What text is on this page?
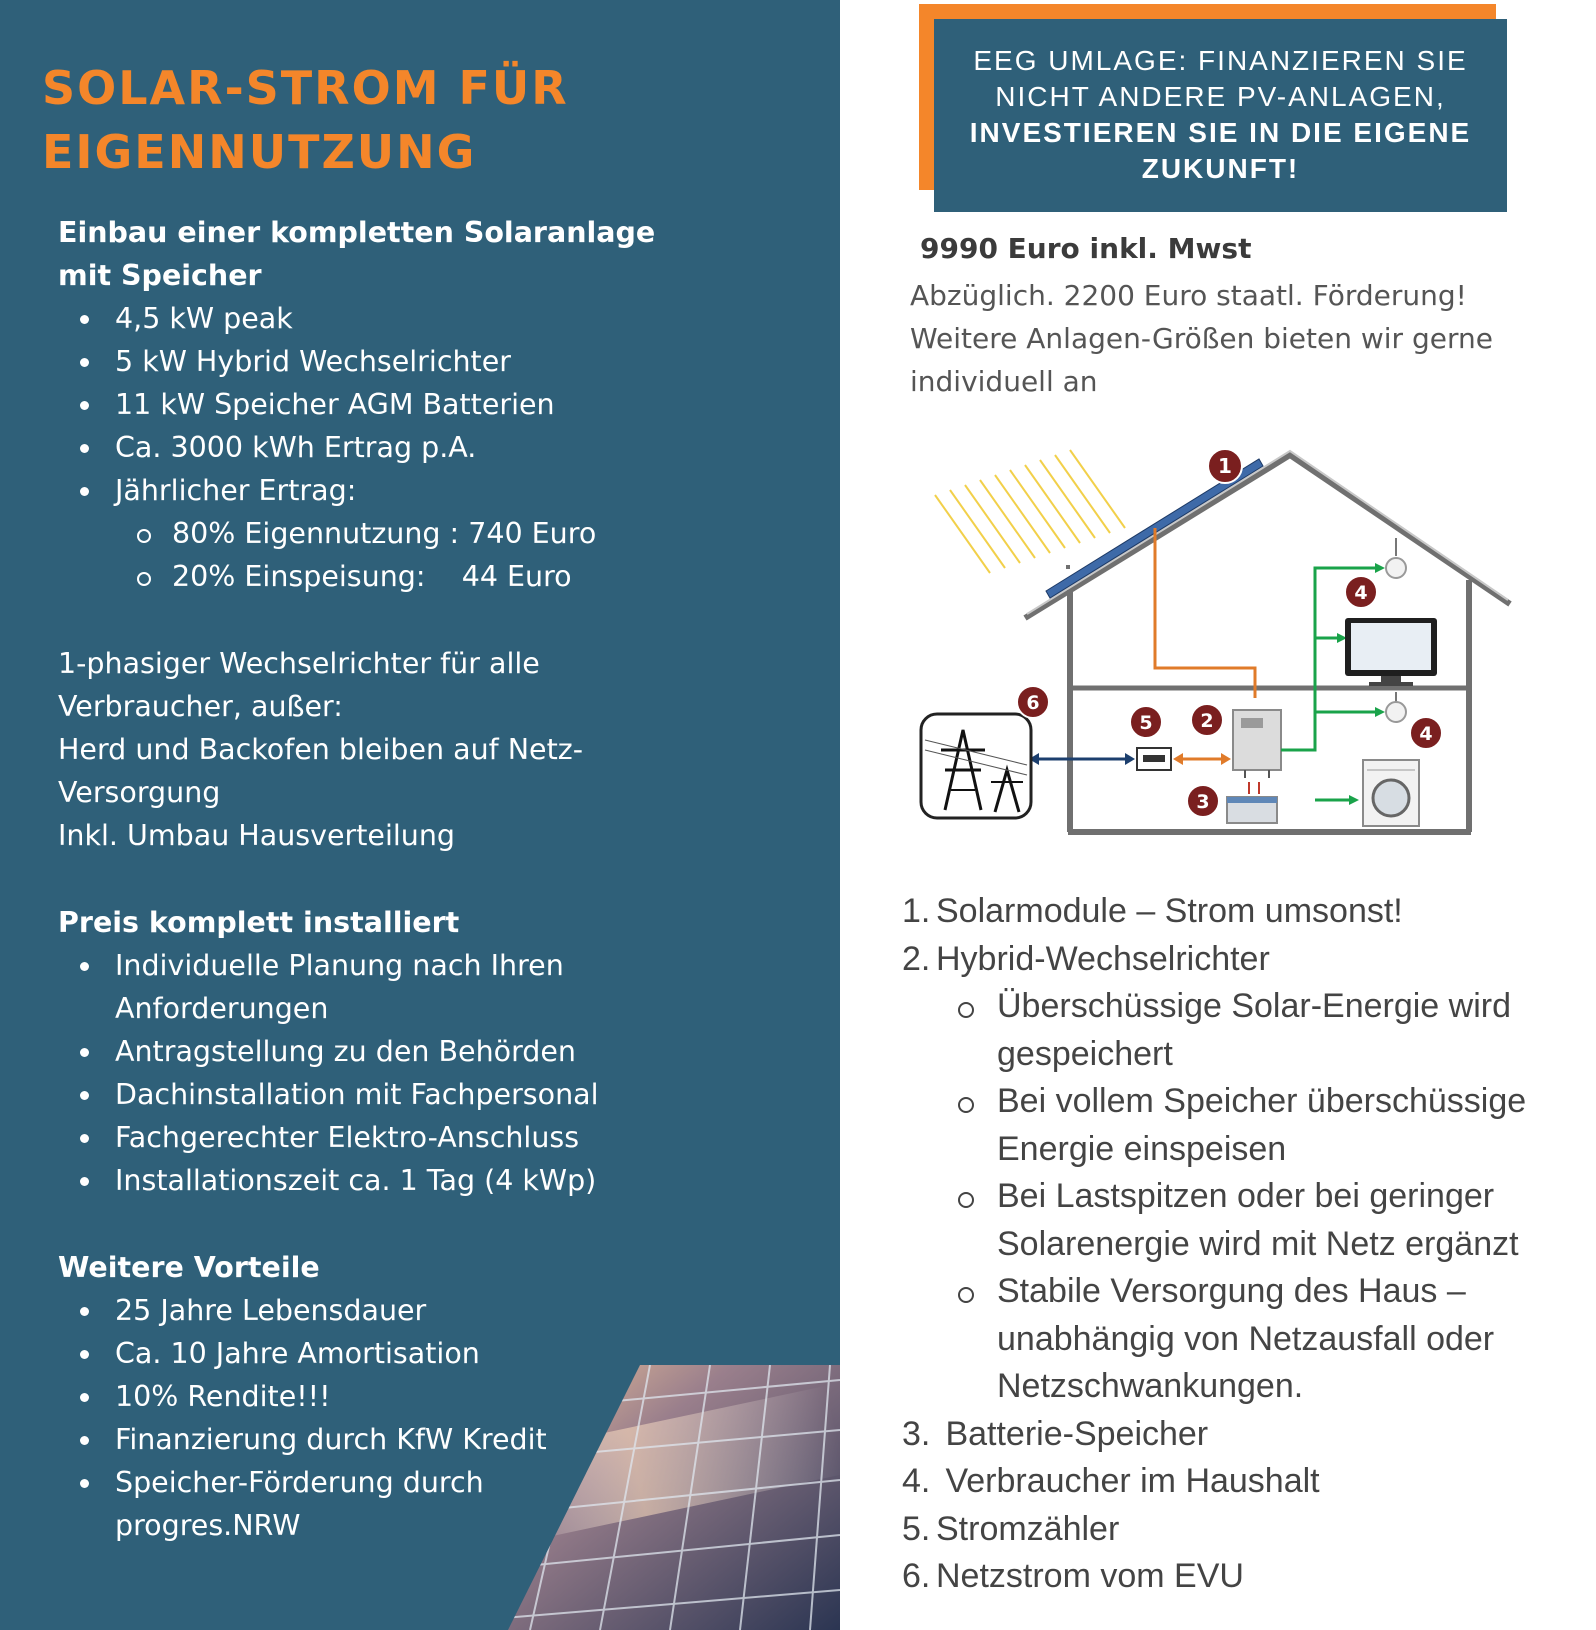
SOLAR-STROM FÜR
EIGENNUTZUNG
Einbau einer kompletten Solaranlage
mit Speicher
4,5 kW peak
5 kW Hybrid Wechselrichter
11 kW Speicher AGM Batterien
Ca. 3000 kWh Ertrag p.A.
Jährlicher Ertrag:
80% Eigennutzung : 740 Euro
20% Einspeisung:    44 Euro
1-phasiger Wechselrichter für alle
Verbraucher, außer:
Herd und Backofen bleiben auf Netz-
Versorgung
Inkl. Umbau Hausverteilung
Preis komplett installiert
Individuelle Planung nach Ihren
Anforderungen
Antragstellung zu den Behörden
Dachinstallation mit Fachpersonal
Fachgerechter Elektro-Anschluss
Installationszeit ca. 1 Tag (4 kWp)
Weitere Vorteile
25 Jahre Lebensdauer
Ca. 10 Jahre Amortisation
10% Rendite!!!
Finanzierung durch KfW Kredit
Speicher-Förderung durch
progres.NRW
EEG UMLAGE: FINANZIEREN SIE
NICHT ANDERE PV-ANLAGEN,
INVESTIEREN SIE IN DIE EIGENE
ZUKUNFT!
9990 Euro inkl. Mwst
Abzüglich. 2200 Euro staatl. Förderung!
Weitere Anlagen-Größen bieten wir gerne
individuell an
1
2
3
4
4
5
6
1. Solarmodule – Strom umsonst!
2. Hybrid-Wechselrichter
Überschüssige Solar-Energie wird
gespeichert
Bei vollem Speicher überschüssige
Energie einspeisen
Bei Lastspitzen oder bei geringer
Solarenergie wird mit Netz ergänzt
Stabile Versorgung des Haus –
unabhängig von Netzausfall oder
Netzschwankungen.
3. Batterie-Speicher
4. Verbraucher im Haushalt
5. Stromzähler
6. Netzstrom vom EVU
